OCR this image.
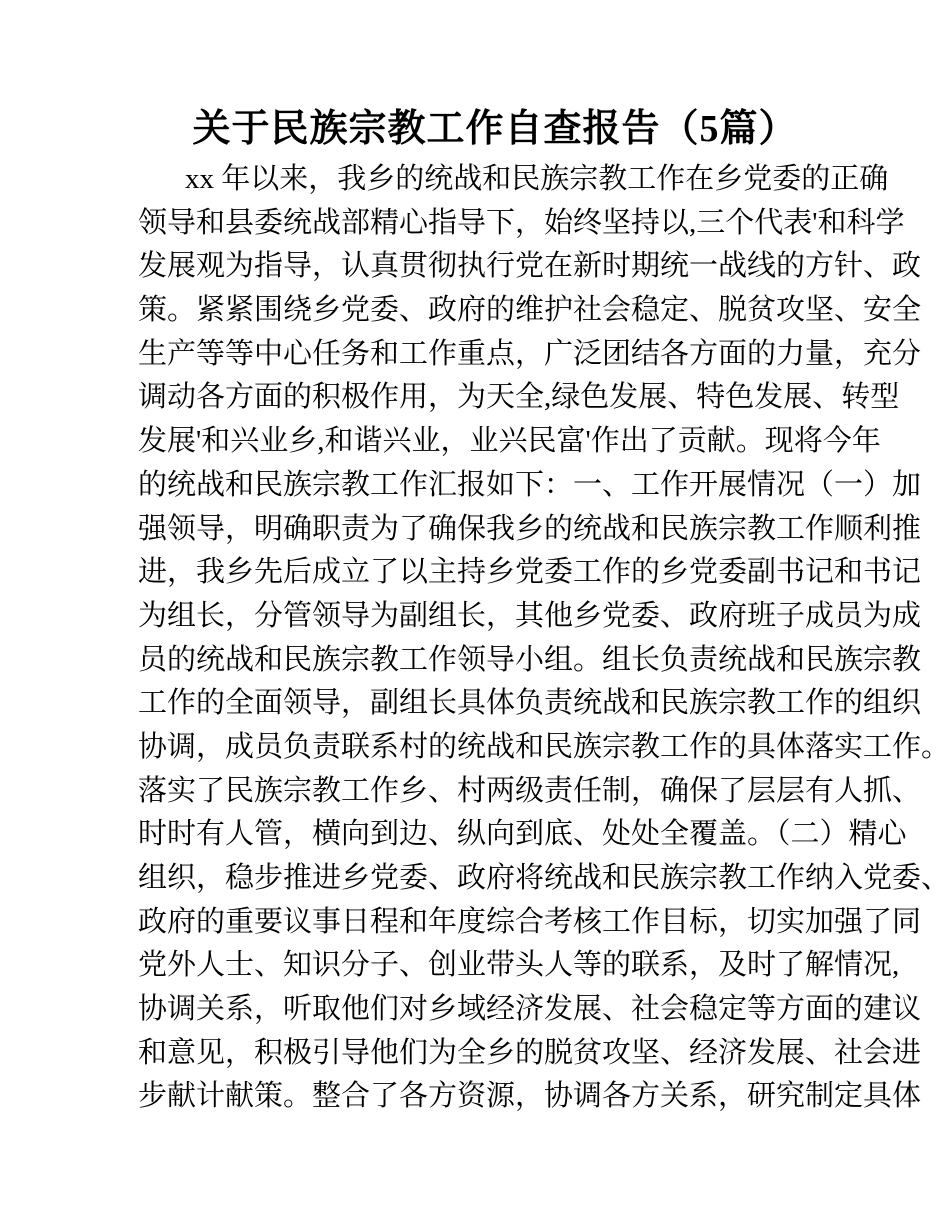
关于民族宗教工作自查报告（5篇）
xx 年以来，我乡的统战和民族宗教工作在乡党委的正确
领导和县委统战部精心指导下，始终坚持以,三个代表'和科学
发展观为指导，认真贯彻执行党在新时期统一战线的方针、政
策。紧紧围绕乡党委、政府的维护社会稳定、脱贫攻坚、安全
生产等等中心任务和工作重点，广泛团结各方面的力量，充分
调动各方面的积极作用，为天全,绿色发展、特色发展、转型
发展'和兴业乡,和谐兴业，业兴民富'作出了贡献。现将今年
的统战和民族宗教工作汇报如下：一、工作开展情况（一）加
强领导，明确职责为了确保我乡的统战和民族宗教工作顺利推
进，我乡先后成立了以主持乡党委工作的乡党委副书记和书记
为组长，分管领导为副组长，其他乡党委、政府班子成员为成
员的统战和民族宗教工作领导小组。组长负责统战和民族宗教
工作的全面领导，副组长具体负责统战和民族宗教工作的组织
协调，成员负责联系村的统战和民族宗教工作的具体落实工作。
落实了民族宗教工作乡、村两级责任制，确保了层层有人抓、
时时有人管，横向到边、纵向到底、处处全覆盖。（二）精心
组织，稳步推进乡党委、政府将统战和民族宗教工作纳入党委、
政府的重要议事日程和年度综合考核工作目标，切实加强了同
党外人士、知识分子、创业带头人等的联系，及时了解情况,
协调关系，听取他们对乡域经济发展、社会稳定等方面的建议
和意见，积极引导他们为全乡的脱贫攻坚、经济发展、社会进
步献计献策。整合了各方资源，协调各方关系，研究制定具体
